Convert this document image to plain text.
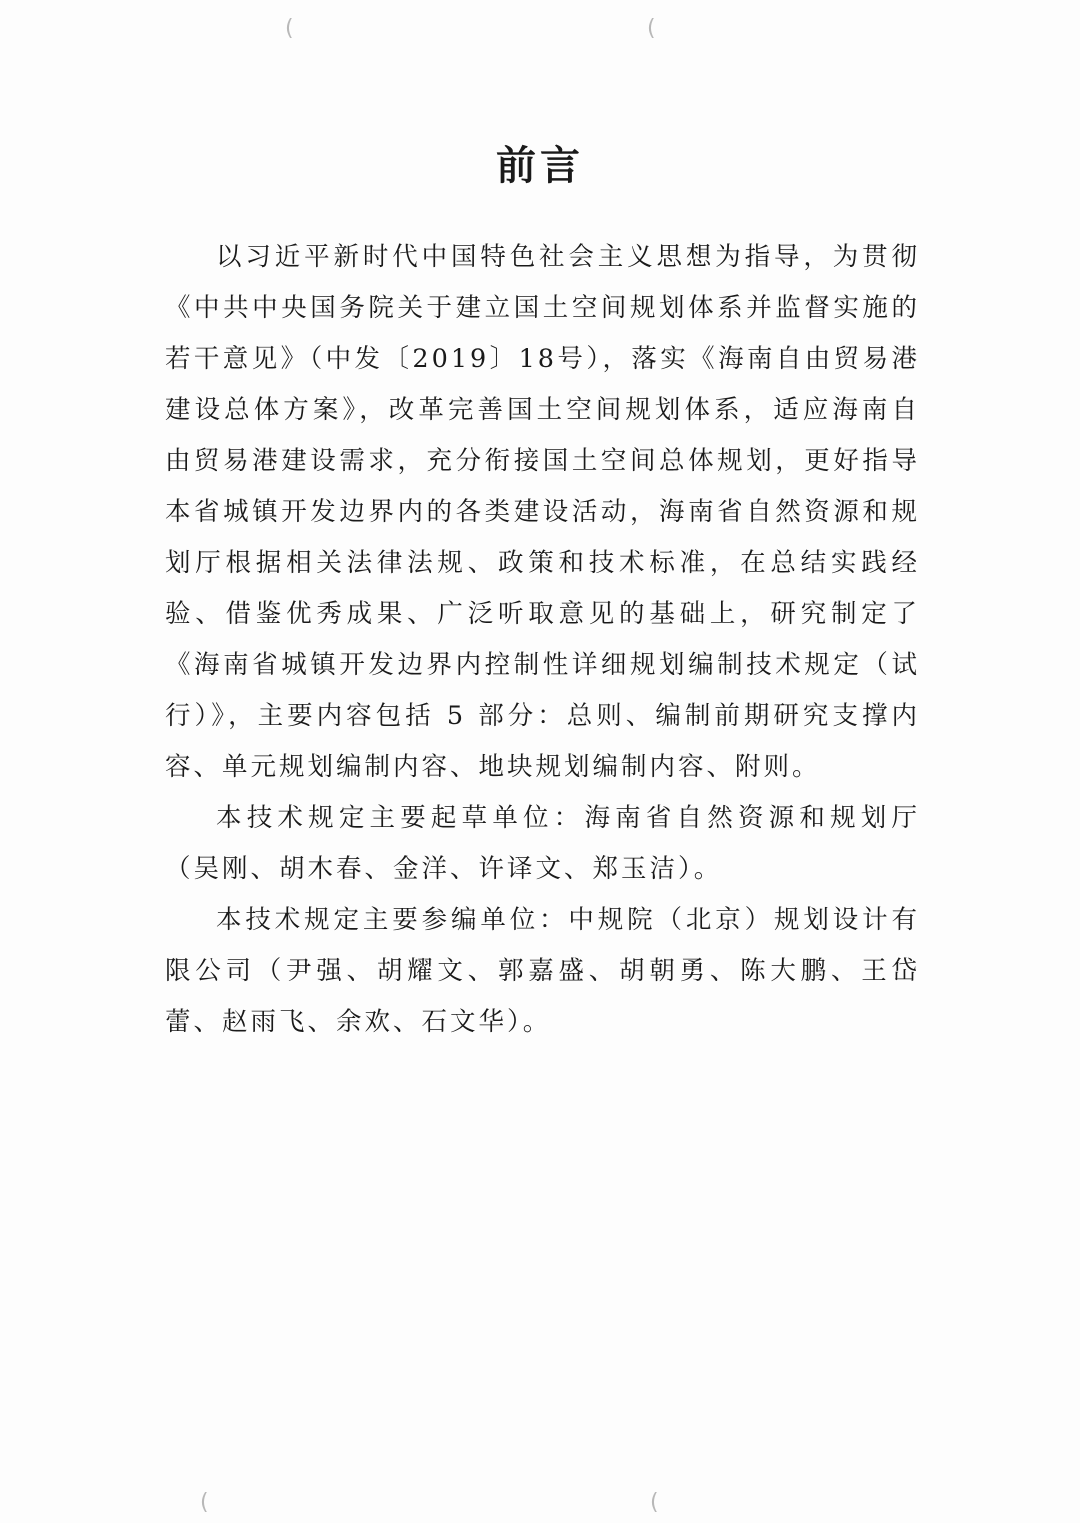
(	(
(	(
前言

以习近平新时代中国特色社会主义思想为指导，为贯彻《中共中央国务院关于建立国土空间规划体系并监督实施的若干意见》（中发〔2019〕18号），落实《海南自由贸易港建设总体方案》，改革完善国土空间规划体系，适应海南自由贸易港建设需求，充分衔接国土空间总体规划，更好指导本省城镇开发边界内的各类建设活动，海南省自然资源和规划厅根据相关法律法规、政策和技术标准，在总结实践经验、借鉴优秀成果、广泛听取意见的基础上，研究制定了《海南省城镇开发边界内控制性详细规划编制技术规定（试行）》，主要内容包括 5 部分：总则、编制前期研究支撑内容、单元规划编制内容、地块规划编制内容、附则。

本技术规定主要起草单位：海南省自然资源和规划厅（吴刚、胡木春、金洋、许译文、郑玉洁）。

本技术规定主要参编单位：中规院（北京）规划设计有限公司（尹强、胡耀文、郭嘉盛、胡朝勇、陈大鹏、王岱蕾、赵雨飞、余欢、石文华）。
